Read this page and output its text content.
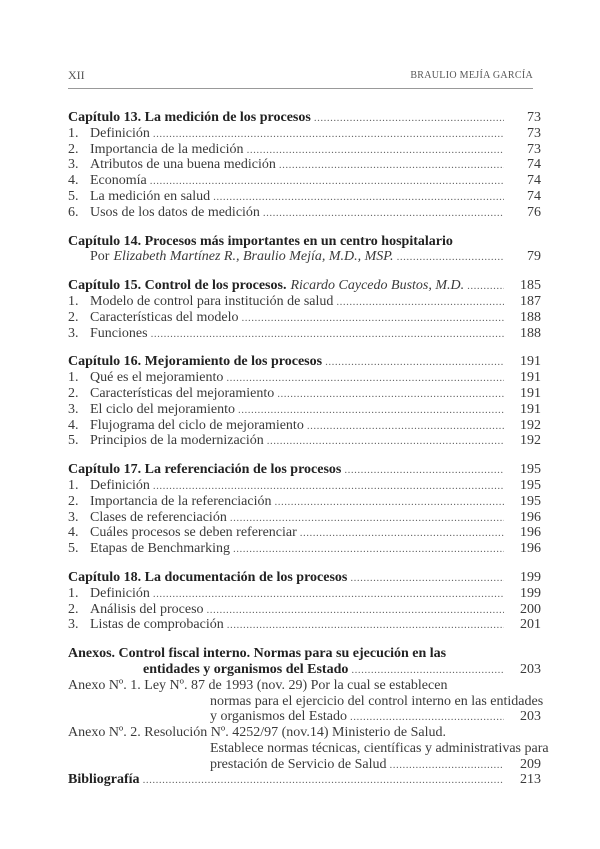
XII	BRAULIO MEJÍA GARCÍA
Capítulo 13. La medición de los procesos .....	73
1. Definición .....	73
2. Importancia de la medición .....	73
3. Atributos de una buena medición .....	74
4. Economía .....	74
5. La medición en salud .....	74
6. Usos de los datos de medición .....	76
Capítulo 14. Procesos más importantes en un centro hospitalario
Por Elizabeth Martínez R., Braulio Mejía, M.D., MSP. .....	79
Capítulo 15. Control de los procesos. Ricardo Caycedo Bustos, M.D. .....	185
1. Modelo de control para institución de salud .....	187
2. Características del modelo .....	188
3. Funciones .....	188
Capítulo 16. Mejoramiento de los procesos .....	191
1. Qué es el mejoramiento .....	191
2. Características del mejoramiento .....	191
3. El ciclo del mejoramiento .....	191
4. Flujograma del ciclo de mejoramiento .....	192
5. Principios de la modernización .....	192
Capítulo 17. La referenciación de los procesos .....	195
1. Definición .....	195
2. Importancia de la referenciación .....	195
3. Clases de referenciación .....	196
4. Cuáles procesos se deben referenciar .....	196
5. Etapas de Benchmarking .....	196
Capítulo 18. La documentación de los procesos .....	199
1. Definición .....	199
2. Análisis del proceso .....	200
3. Listas de comprobación .....	201
Anexos. Control fiscal interno. Normas para su ejecución en las
entidades y organismos del Estado .....	203
Anexo Nº. 1. Ley Nº. 87 de 1993 (nov. 29) Por la cual se establecen
normas para el ejercicio del control interno en las entidades
y organismos del Estado .....	203
Anexo Nº. 2. Resolución Nº. 4252/97 (nov.14) Ministerio de Salud.
Establece normas técnicas, científicas y administrativas para
prestación de Servicio de Salud .....	209
Bibliografía .....	213
